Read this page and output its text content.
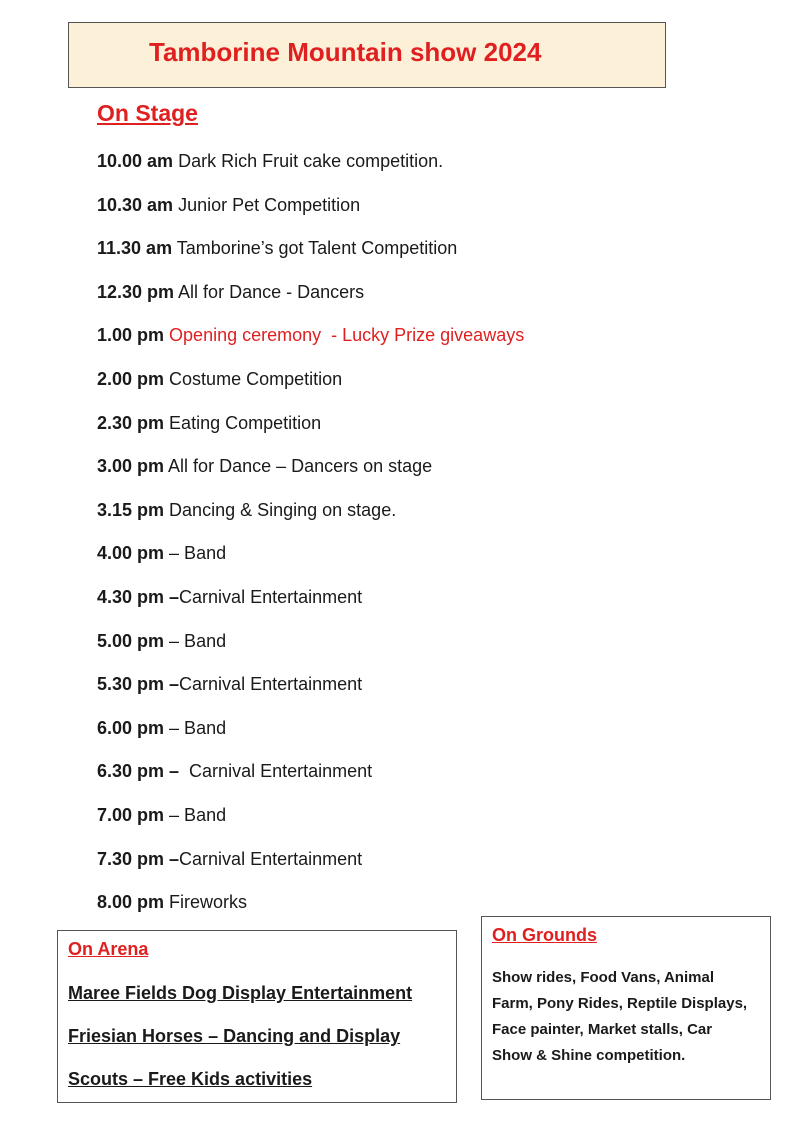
Tamborine Mountain show 2024
On Stage
10.00 am Dark Rich Fruit cake competition.
10.30 am Junior Pet Competition
11.30 am Tamborine’s got Talent Competition
12.30 pm All for Dance - Dancers
1.00 pm Opening ceremony  - Lucky Prize giveaways
2.00 pm Costume Competition
2.30 pm Eating Competition
3.00 pm All for Dance – Dancers on stage
3.15 pm Dancing & Singing on stage.
4.00 pm – Band
4.30 pm –Carnival Entertainment
5.00 pm – Band
5.30 pm –Carnival Entertainment
6.00 pm – Band
6.30 pm –  Carnival Entertainment
7.00 pm – Band
7.30 pm –Carnival Entertainment
8.00 pm Fireworks
On Arena
Maree Fields Dog Display Entertainment
Friesian Horses – Dancing and Display
Scouts – Free Kids activities
On Grounds
Show rides, Food Vans, Animal Farm, Pony Rides, Reptile Displays, Face painter, Market stalls, Car Show & Shine competition.
